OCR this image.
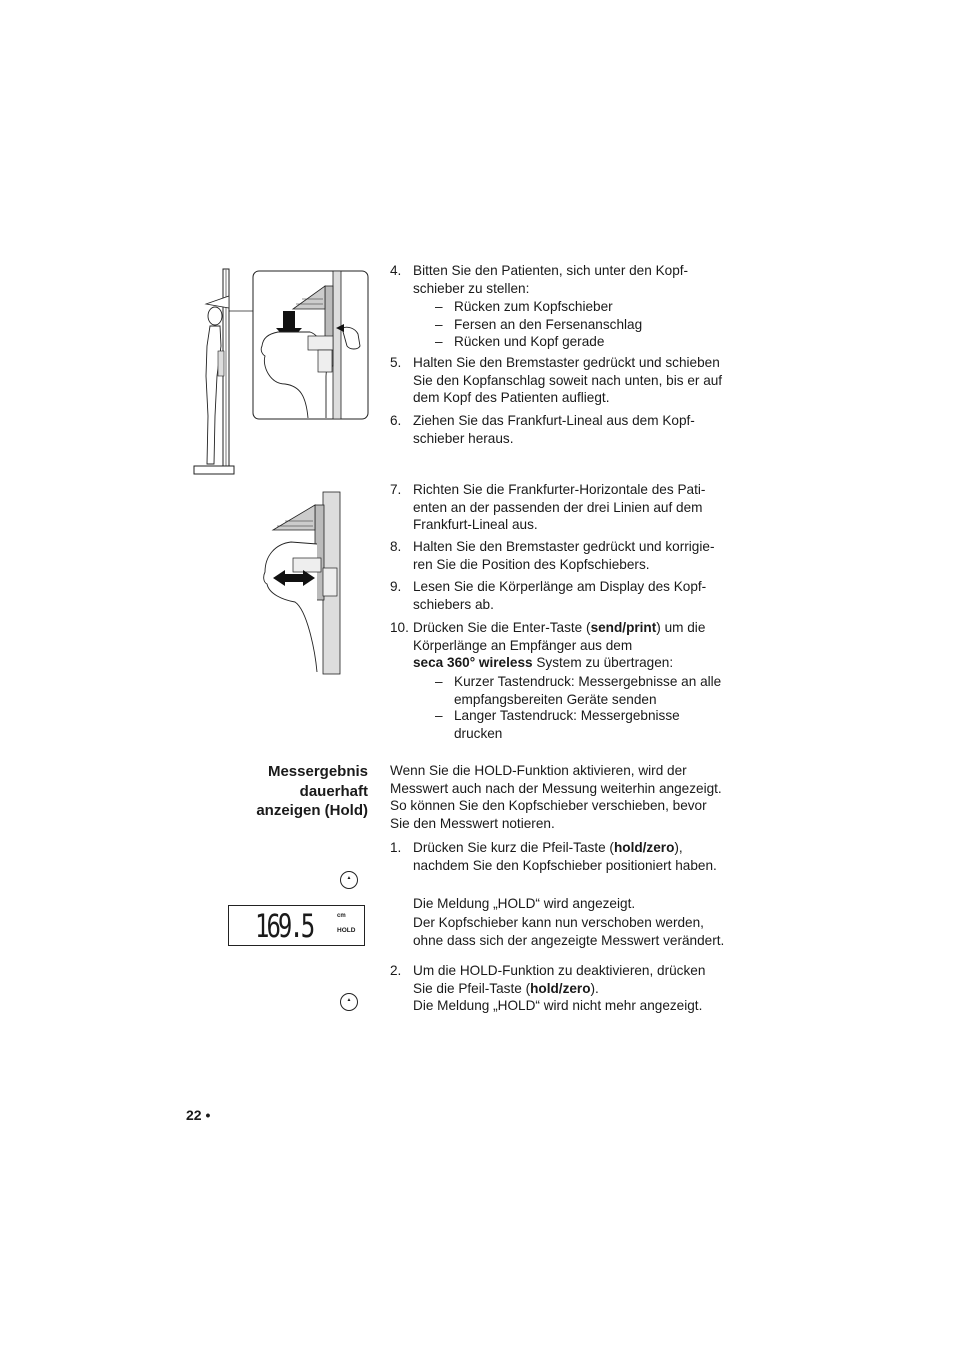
4. Bitten Sie den Patienten, sich unter den Kopf-
schieber zu stellen:
– Rücken zum Kopfschieber
– Fersen an den Fersenanschlag
– Rücken und Kopf gerade
5. Halten Sie den Bremstaster gedrückt und schieben
Sie den Kopfanschlag soweit nach unten, bis er auf
dem Kopf des Patienten aufliegt.
6. Ziehen Sie das Frankfurt-Lineal aus dem Kopf-
schieber heraus.
7. Richten Sie die Frankfurter-Horizontale des Pati-
enten an der passenden der drei Linien auf dem
Frankfurt-Lineal aus.
8. Halten Sie den Bremstaster gedrückt und korrigie-
ren Sie die Position des Kopfschiebers.
9. Lesen Sie die Körperlänge am Display des Kopf-
schiebers ab.
10. Drücken Sie die Enter-Taste (send/print) um die
Körperlänge an Empfänger aus dem
seca 360° wireless System zu übertragen:
– Kurzer Tastendruck: Messergebnisse an alle
empfangsbereiten Geräte senden
– Langer Tastendruck: Messergebnisse
drucken
Messergebnis
dauerhaft
anzeigen (Hold)
Wenn Sie die HOLD-Funktion aktivieren, wird der
Messwert auch nach der Messung weiterhin angezeigt.
So können Sie den Kopfschieber verschieben, bevor
Sie den Messwert notieren.
1. Drücken Sie kurz die Pfeil-Taste (hold/zero),
nachdem Sie den Kopfschieber positioniert haben.
Die Meldung „HOLD“ wird angezeigt.
Der Kopfschieber kann nun verschoben werden,
ohne dass sich der angezeigte Messwert verändert.
2. Um die HOLD-Funktion zu deaktivieren, drücken
Sie die Pfeil-Taste (hold/zero).
Die Meldung „HOLD“ wird nicht mehr angezeigt.
▲
▲
169.5	cm
HOLD
22 •
